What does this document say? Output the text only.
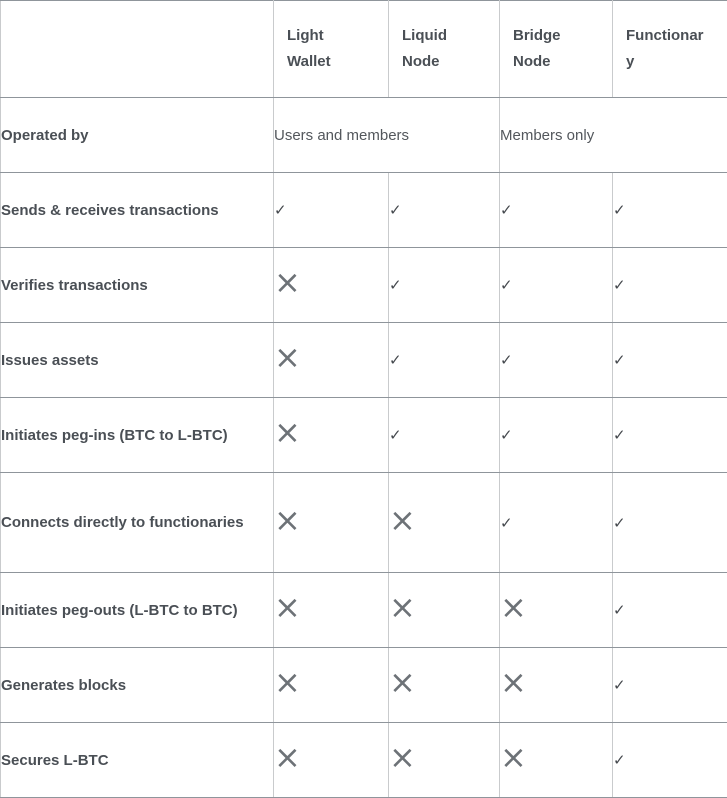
	Light Wallet	Liquid Node	Bridge Node	Functionary
Operated by	Users and members		Members only	
Sends & receives transactions	✓	✓	✓	✓
Verifies transactions	×	✓	✓	✓
Issues assets	×	✓	✓	✓
Initiates peg-ins (BTC to L-BTC)	×	✓	✓	✓
Connects directly to functionaries	×	×	✓	✓
Initiates peg-outs (L-BTC to BTC)	×	×	×	✓
Generates blocks	×	×	×	✓
Secures L-BTC	×	×	×	✓
